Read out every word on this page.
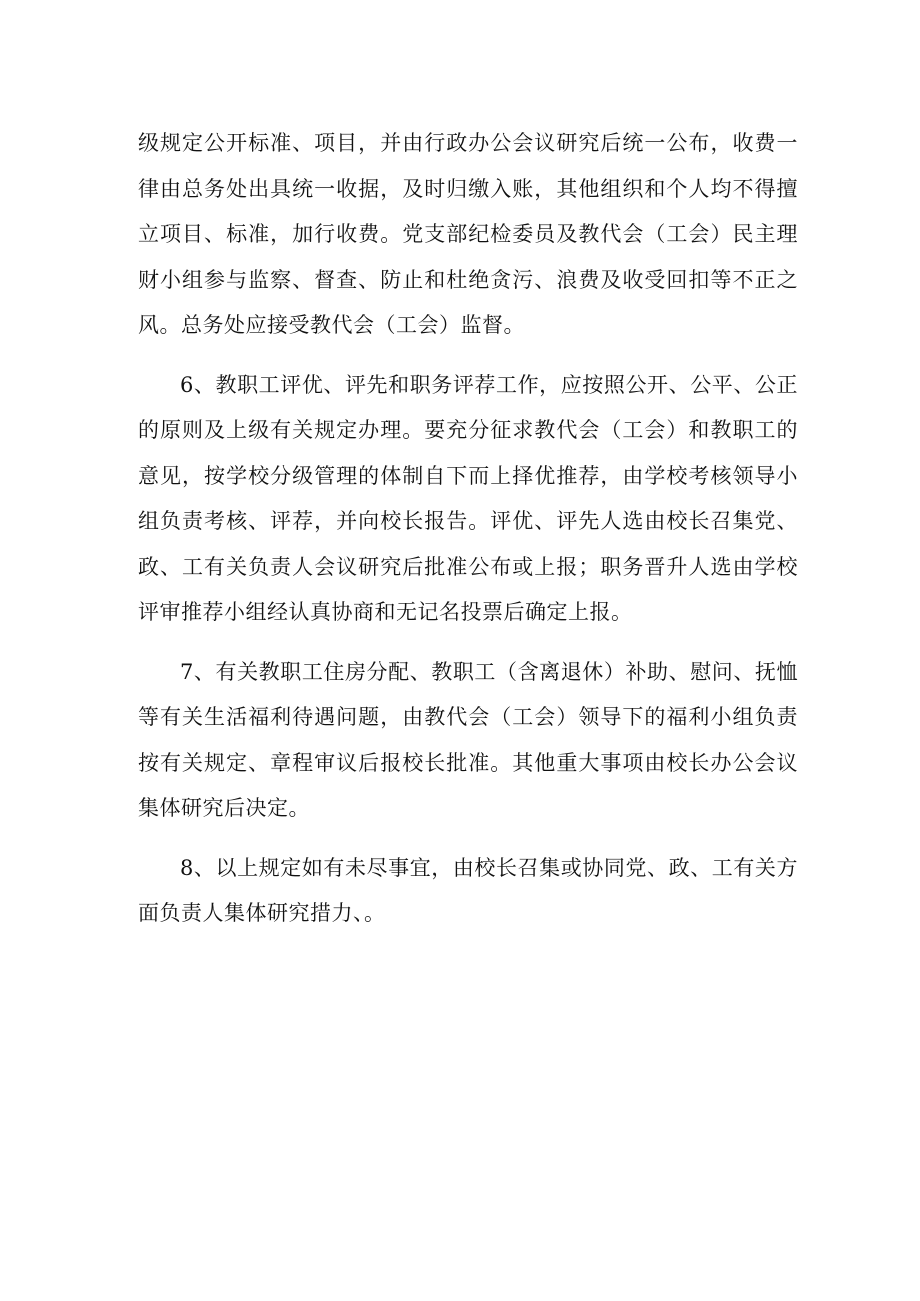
级规定公开标准、项目，并由行政办公会议研究后统一公布，收费一律由总务处出具统一收据，及时归缴入账，其他组织和个人均不得擅立项目、标准，加行收费。党支部纪检委员及教代会（工会）民主理财小组参与监察、督查、防止和杜绝贪污、浪费及收受回扣等不正之风。总务处应接受教代会（工会）监督。

6、教职工评优、评先和职务评荐工作，应按照公开、公平、公正的原则及上级有关规定办理。要充分征求教代会（工会）和教职工的意见，按学校分级管理的体制自下而上择优推荐，由学校考核领导小组负责考核、评荐，并向校长报告。评优、评先人选由校长召集党、政、工有关负责人会议研究后批准公布或上报；职务晋升人选由学校评审推荐小组经认真协商和无记名投票后确定上报。

7、有关教职工住房分配、教职工（含离退休）补助、慰问、抚恤等有关生活福利待遇问题，由教代会（工会）领导下的福利小组负责按有关规定、章程审议后报校长批准。其他重大事项由校长办公会议集体研究后决定。

8、以上规定如有未尽事宜，由校长召集或协同党、政、工有关方面负责人集体研究措力、。
